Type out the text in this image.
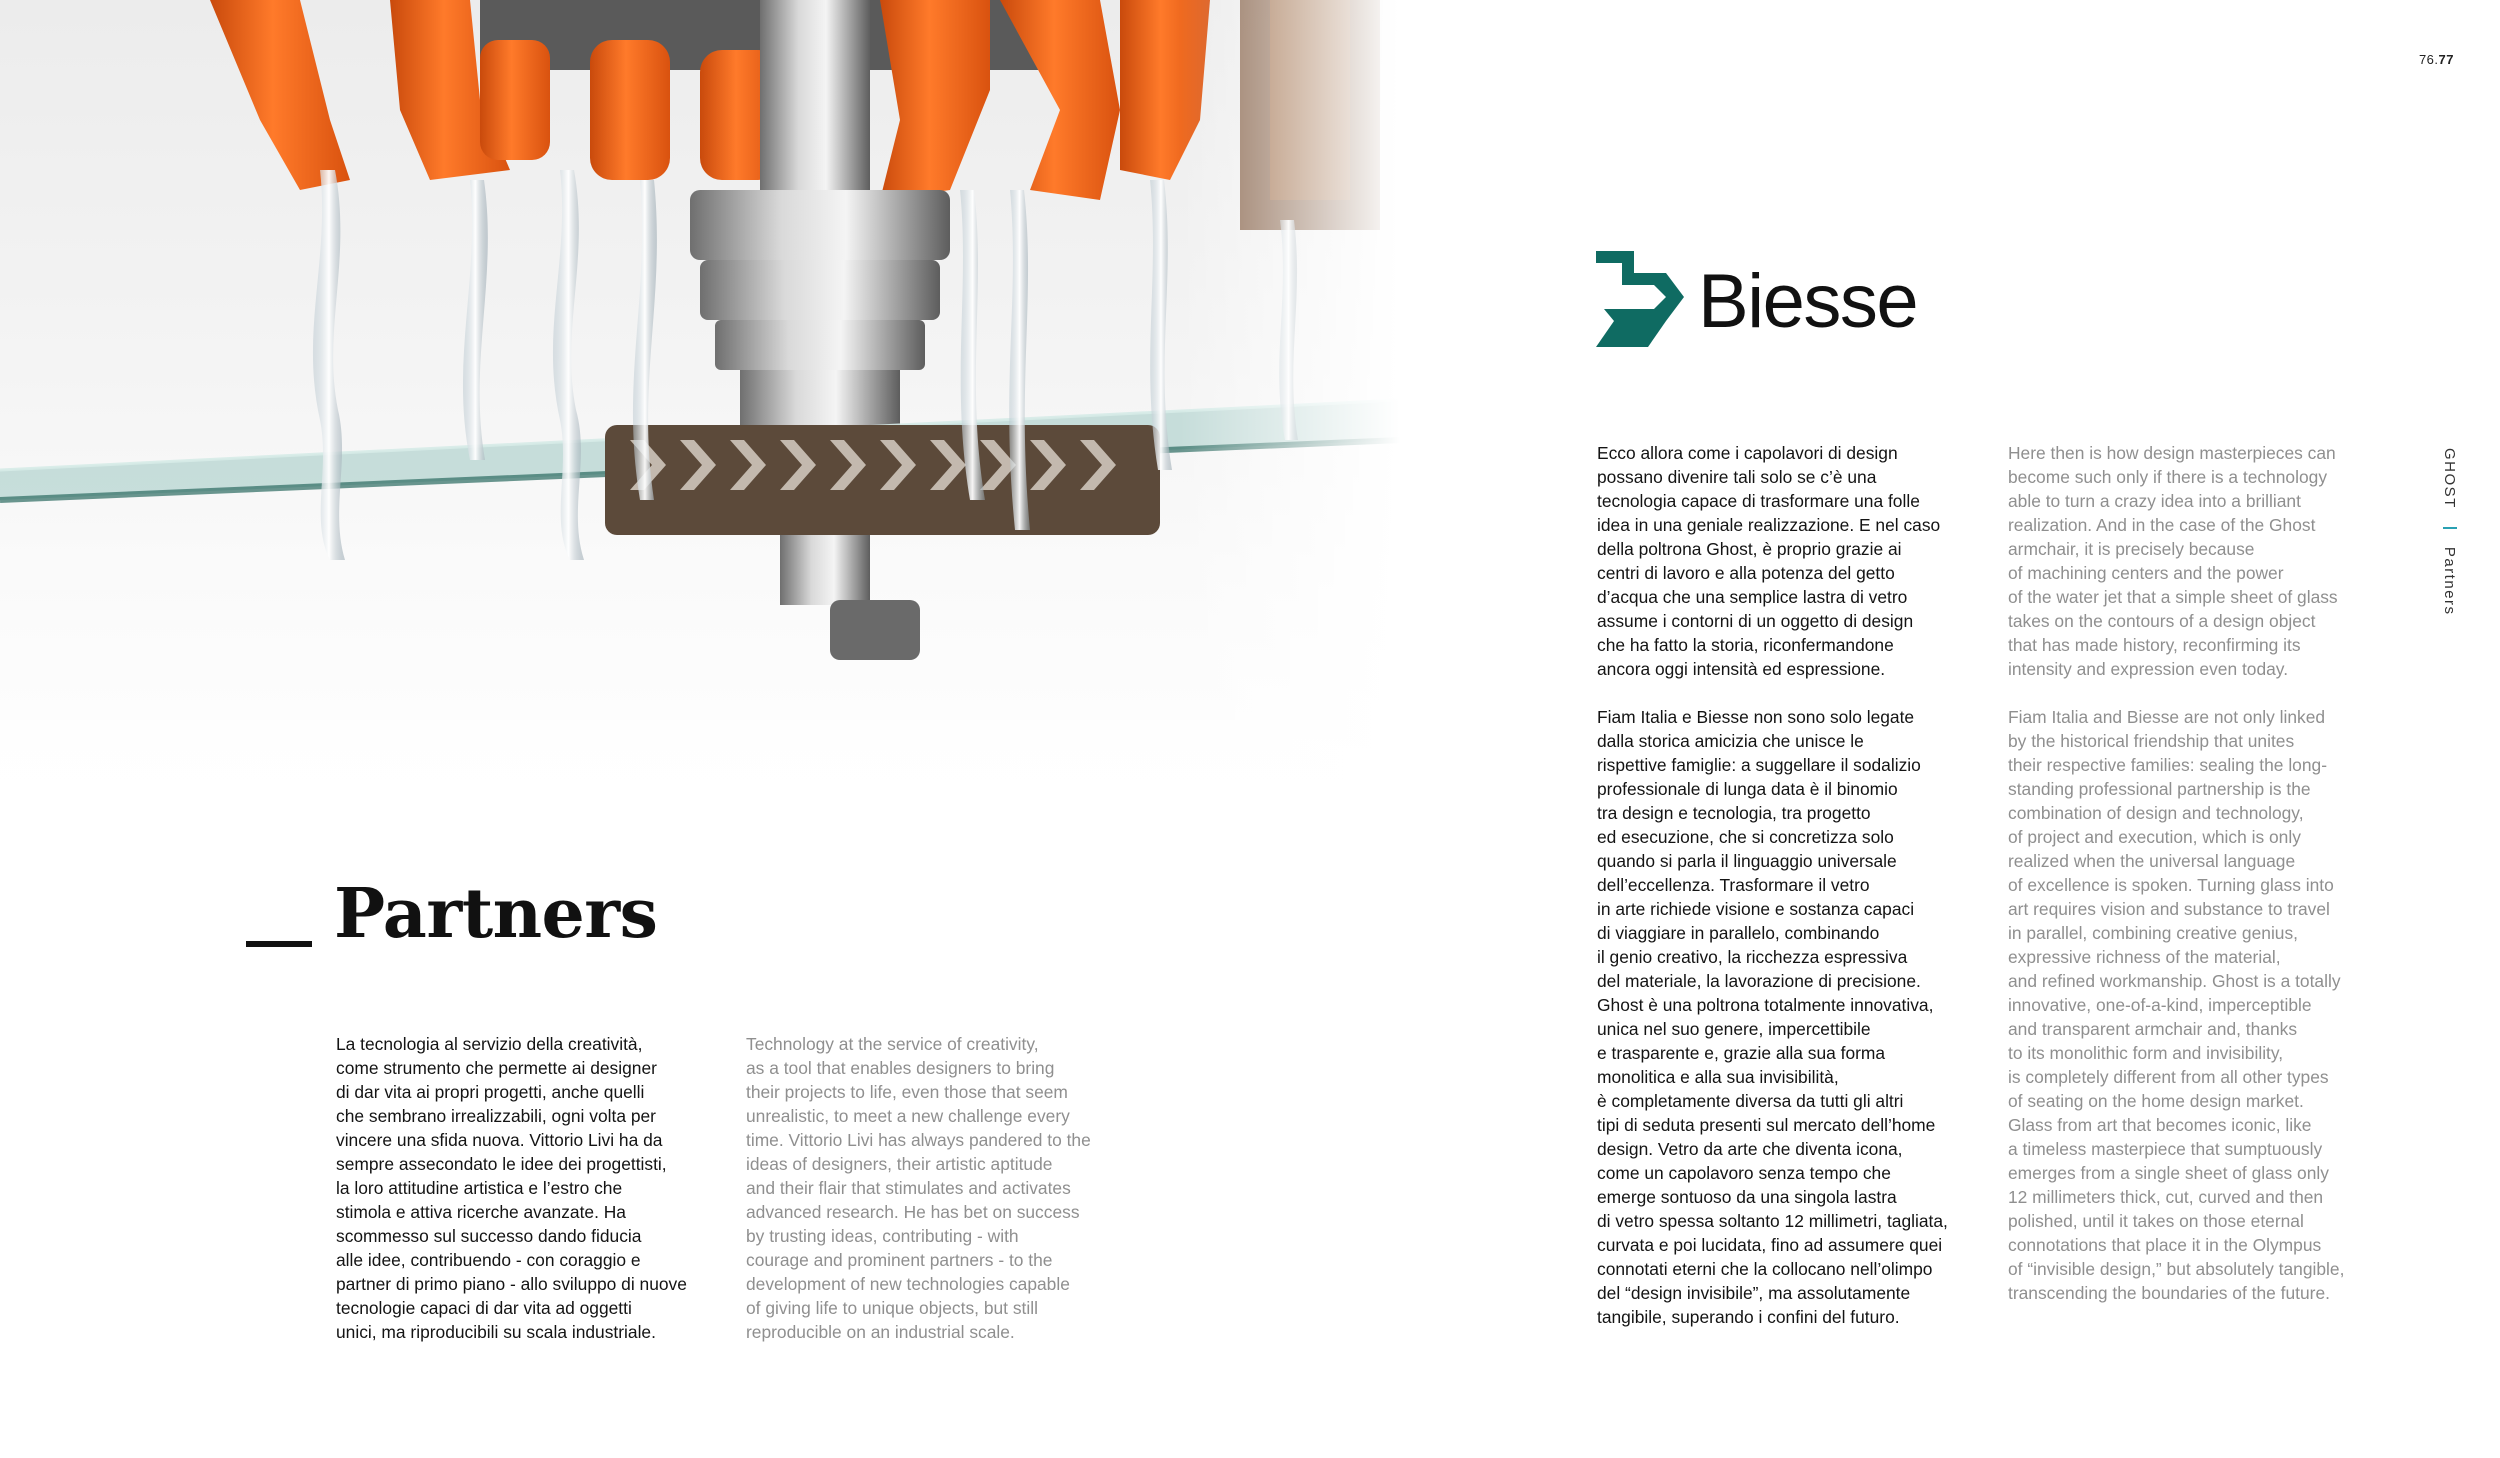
76.77
GHOSTPartners
Partners
La tecnologia al servizio della creatività,
come strumento che permette ai designer
di dar vita ai propri progetti, anche quelli
che sembrano irrealizzabili, ogni volta per
vincere una sfida nuova. Vittorio Livi ha da
sempre assecondato le idee dei progettisti,
la loro attitudine artistica e l’estro che
stimola e attiva ricerche avanzate. Ha
scommesso sul successo dando fiducia
alle idee, contribuendo - con coraggio e
partner di primo piano - allo sviluppo di nuove
tecnologie capaci di dar vita ad oggetti
unici, ma riproducibili su scala industriale.
Technology at the service of creativity,
as a tool that enables designers to bring
their projects to life, even those that seem
unrealistic, to meet a new challenge every
time. Vittorio Livi has always pandered to the
ideas of designers, their artistic aptitude
and their flair that stimulates and activates
advanced research. He has bet on success
by trusting ideas, contributing - with
courage and prominent partners - to the
development of new technologies capable
of giving life to unique objects, but still
reproducible on an industrial scale.
Biesse
Ecco allora come i capolavori di design
possano divenire tali solo se c’è una
tecnologia capace di trasformare una folle
idea in una geniale realizzazione. E nel caso
della poltrona Ghost, è proprio grazie ai
centri di lavoro e alla potenza del getto
d’acqua che una semplice lastra di vetro
assume i contorni di un oggetto di design
che ha fatto la storia, riconfermandone
ancora oggi intensità ed espressione.
Here then is how design masterpieces can
become such only if there is a technology
able to turn a crazy idea into a brilliant
realization. And in the case of the Ghost
armchair, it is precisely because
of machining centers and the power
of the water jet that a simple sheet of glass
takes on the contours of a design object
that has made history, reconfirming its
intensity and expression even today.
Fiam Italia e Biesse non sono solo legate
dalla storica amicizia che unisce le
rispettive famiglie: a suggellare il sodalizio
professionale di lunga data è il binomio
tra design e tecnologia, tra progetto
ed esecuzione, che si concretizza solo
quando si parla il linguaggio universale
dell’eccellenza. Trasformare il vetro
in arte richiede visione e sostanza capaci
di viaggiare in parallelo, combinando
il genio creativo, la ricchezza espressiva
del materiale, la lavorazione di precisione.
Ghost è una poltrona totalmente innovativa,
unica nel suo genere, impercettibile
e trasparente e, grazie alla sua forma
monolitica e alla sua invisibilità,
è completamente diversa da tutti gli altri
tipi di seduta presenti sul mercato dell’home
design. Vetro da arte che diventa icona,
come un capolavoro senza tempo che
emerge sontuoso da una singola lastra
di vetro spessa soltanto 12 millimetri, tagliata,
curvata e poi lucidata, fino ad assumere quei
connotati eterni che la collocano nell’olimpo
del “design invisibile”, ma assolutamente
tangibile, superando i confini del futuro.
Fiam Italia and Biesse are not only linked
by the historical friendship that unites
their respective families: sealing the long-
standing professional partnership is the
combination of design and technology,
of project and execution, which is only
realized when the universal language
of excellence is spoken. Turning glass into
art requires vision and substance to travel
in parallel, combining creative genius,
expressive richness of the material,
and refined workmanship. Ghost is a totally
innovative, one-of-a-kind, imperceptible
and transparent armchair and, thanks
to its monolithic form and invisibility,
is completely different from all other types
of seating on the home design market.
Glass from art that becomes iconic, like
a timeless masterpiece that sumptuously
emerges from a single sheet of glass only
12 millimeters thick, cut, curved and then
polished, until it takes on those eternal
connotations that place it in the Olympus
of “invisible design,” but absolutely tangible,
transcending the boundaries of the future.
